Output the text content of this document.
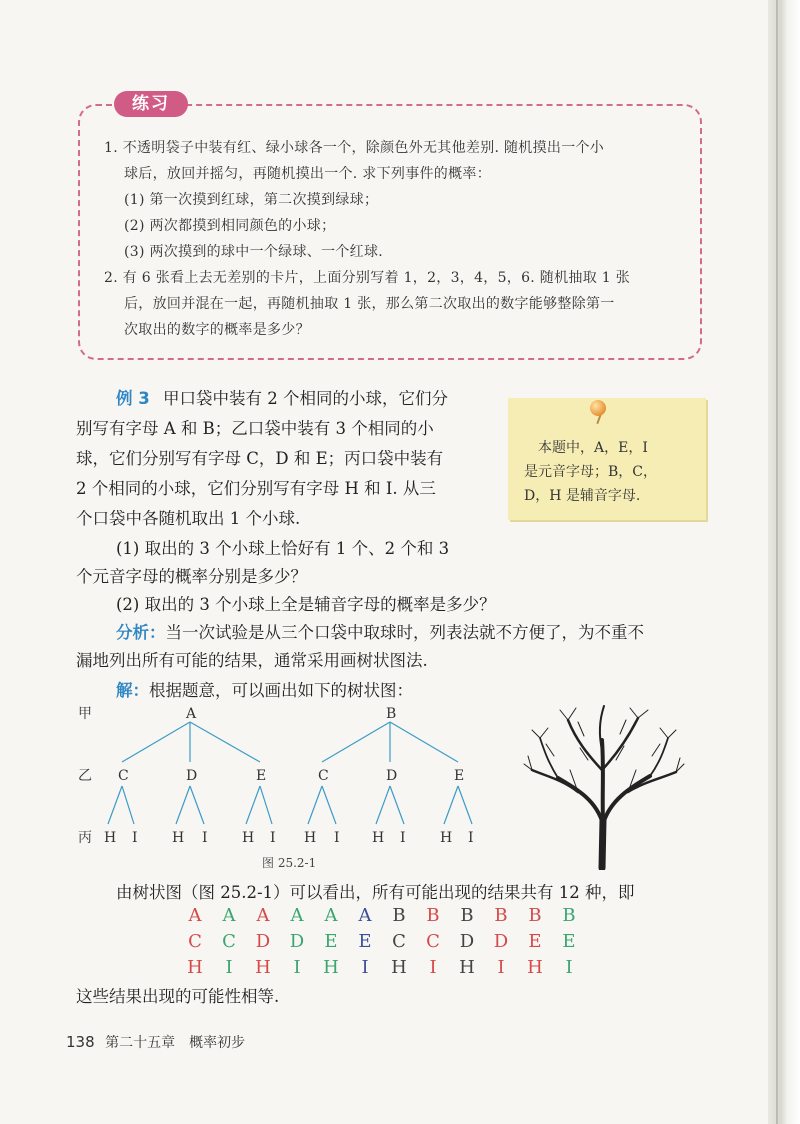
练习
1. 不透明袋子中装有红、绿小球各一个，除颜色外无其他差别. 随机摸出一个小
球后，放回并摇匀，再随机摸出一个. 求下列事件的概率：
(1) 第一次摸到红球，第二次摸到绿球；
(2) 两次都摸到相同颜色的小球；
(3) 两次摸到的球中一个绿球、一个红球.
2. 有 6 张看上去无差别的卡片，上面分别写着 1，2，3，4，5，6. 随机抽取 1 张
后，放回并混在一起，再随机抽取 1 张，那么第二次取出的数字能够整除第一
次取出的数字的概率是多少？
例 3 甲口袋中装有 2 个相同的小球，它们分
别写有字母 A 和 B；乙口袋中装有 3 个相同的小
球，它们分别写有字母 C，D 和 E；丙口袋中装有
2 个相同的小球，它们分别写有字母 H 和 I. 从三
个口袋中各随机取出 1 个小球.
(1) 取出的 3 个小球上恰好有 1 个、2 个和 3
个元音字母的概率分别是多少？
(2) 取出的 3 个小球上全是辅音字母的概率是多少？
本题中，A，E，I
是元音字母；B，C，
D，H 是辅音字母.
分析：当一次试验是从三个口袋中取球时，列表法就不方便了，为不重不
漏地列出所有可能的结果，通常采用画树状图法.
解：根据题意，可以画出如下的树状图：
甲
乙
丙
A	B
C	D	E	C	D	E
H I H I H I H I H I H I
图 25.2-1
由树状图（图 25.2-1）可以看出，所有可能出现的结果共有 12 种，即
A	A	A	A	A	A	B	B	B	B	B	B
C	C	D	D	E	E	C	C	D	D	E	E
H	I	H	I	H	I	H	I	H	I	H	I
这些结果出现的可能性相等.
138 第二十五章　概率初步
